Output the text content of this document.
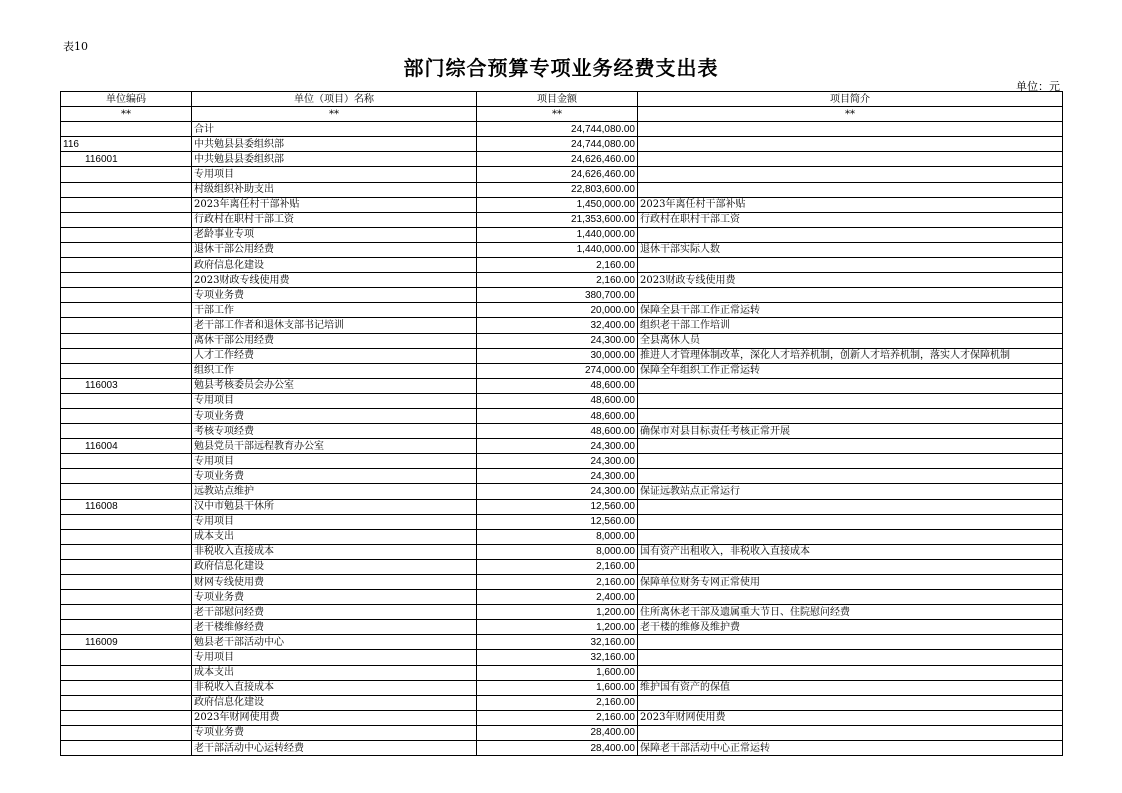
表10
部门综合预算专项业务经费支出表
单位：元
单位编码	单位（项目）名称	项目金额	项目简介
**	**	**	**
	合计	24,744,080.00	
116	中共勉县县委组织部	24,744,080.00	
116001	中共勉县县委组织部	24,626,460.00	
	专用项目	24,626,460.00	
	村级组织补助支出	22,803,600.00	
	2023年离任村干部补贴	1,450,000.00	2023年离任村干部补贴
	行政村在职村干部工资	21,353,600.00	行政村在职村干部工资
	老龄事业专项	1,440,000.00	
	退休干部公用经费	1,440,000.00	退休干部实际人数
	政府信息化建设	2,160.00	
	2023财政专线使用费	2,160.00	2023财政专线使用费
	专项业务费	380,700.00	
	干部工作	20,000.00	保障全县干部工作正常运转
	老干部工作者和退休支部书记培训	32,400.00	组织老干部工作培训
	离休干部公用经费	24,300.00	全县离休人员
	人才工作经费	30,000.00	推进人才管理体制改革，深化人才培养机制，创新人才培养机制，落实人才保障机制
	组织工作	274,000.00	保障全年组织工作正常运转
116003	勉县考核委员会办公室	48,600.00	
	专用项目	48,600.00	
	专项业务费	48,600.00	
	考核专项经费	48,600.00	确保市对县目标责任考核正常开展
116004	勉县党员干部远程教育办公室	24,300.00	
	专用项目	24,300.00	
	专项业务费	24,300.00	
	远教站点维护	24,300.00	保证远教站点正常运行
116008	汉中市勉县干休所	12,560.00	
	专用项目	12,560.00	
	成本支出	8,000.00	
	非税收入直接成本	8,000.00	国有资产出租收入，非税收入直接成本
	政府信息化建设	2,160.00	
	财网专线使用费	2,160.00	保障单位财务专网正常使用
	专项业务费	2,400.00	
	老干部慰问经费	1,200.00	住所离休老干部及遗属重大节日、住院慰问经费
	老干楼维修经费	1,200.00	老干楼的维修及维护费
116009	勉县老干部活动中心	32,160.00	
	专用项目	32,160.00	
	成本支出	1,600.00	
	非税收入直接成本	1,600.00	维护国有资产的保值
	政府信息化建设	2,160.00	
	2023年财网使用费	2,160.00	2023年财网使用费
	专项业务费	28,400.00	
	老干部活动中心运转经费	28,400.00	保障老干部活动中心正常运转
